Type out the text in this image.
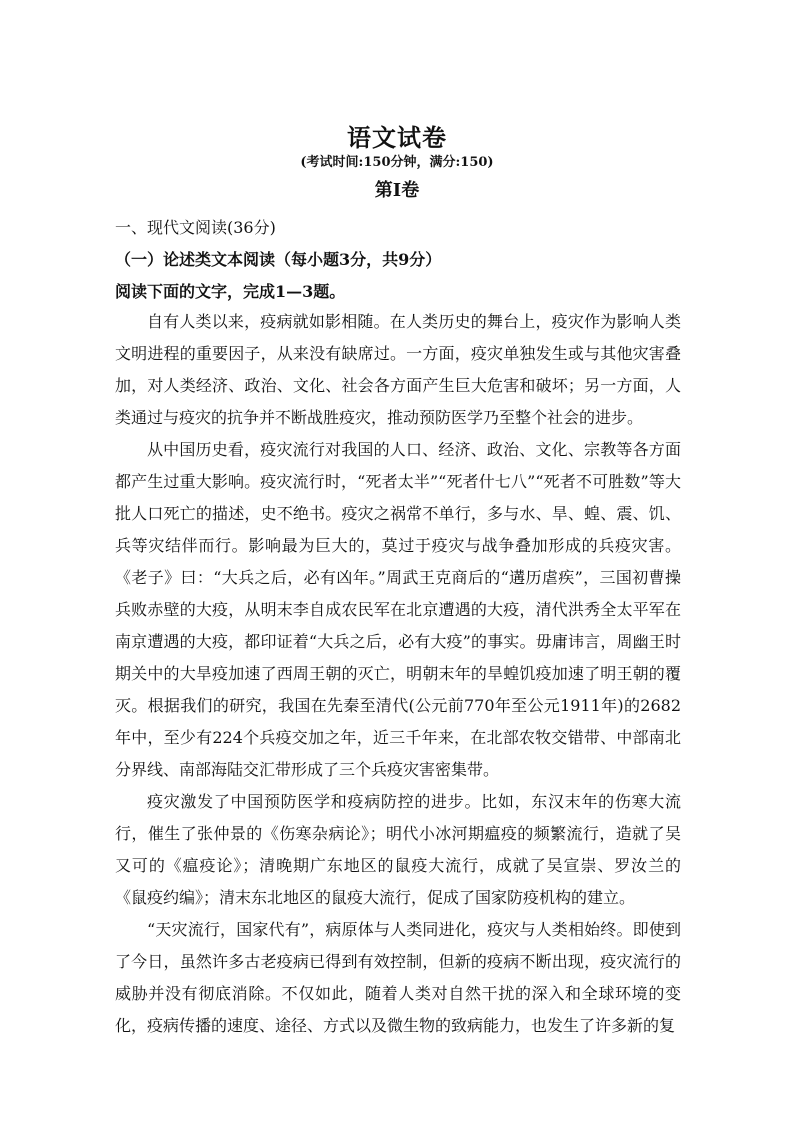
语文试卷
(考试时间:150分钟，满分:150)
第Ⅰ卷
一、现代文阅读(36分)
（一）论述类文本阅读（每小题3分，共9分）
阅读下面的文字，完成1—3题。

自有人类以来，疫病就如影相随。在人类历史的舞台上，疫灾作为影响人类文明进程的重要因子，从来没有缺席过。一方面，疫灾单独发生或与其他灾害叠加，对人类经济、政治、文化、社会各方面产生巨大危害和破坏；另一方面，人类通过与疫灾的抗争并不断战胜疫灾，推动预防医学乃至整个社会的进步。

从中国历史看，疫灾流行对我国的人口、经济、政治、文化、宗教等各方面都产生过重大影响。疫灾流行时，“死者太半”“死者什七八”“死者不可胜数”等大批人口死亡的描述，史不绝书。疫灾之祸常不单行，多与水、旱、蝗、震、饥、兵等灾结伴而行。影响最为巨大的，莫过于疫灾与战争叠加形成的兵疫灾害。《老子》曰：“大兵之后，必有凶年。”周武王克商后的“遘历虐疾”，三国初曹操兵败赤壁的大疫，从明末李自成农民军在北京遭遇的大疫，清代洪秀全太平军在南京遭遇的大疫，都印证着“大兵之后，必有大疫”的事实。毋庸讳言，周幽王时期关中的大旱疫加速了西周王朝的灭亡，明朝末年的旱蝗饥疫加速了明王朝的覆灭。根据我们的研究，我国在先秦至清代(公元前770年至公元1911年)的2682年中，至少有224个兵疫交加之年，近三千年来，在北部农牧交错带、中部南北分界线、南部海陆交汇带形成了三个兵疫灾害密集带。

疫灾激发了中国预防医学和疫病防控的进步。比如，东汉末年的伤寒大流行，催生了张仲景的《伤寒杂病论》；明代小冰河期瘟疫的频繁流行，造就了吴又可的《瘟疫论》；清晚期广东地区的鼠疫大流行，成就了吴宣崇、罗汝兰的《鼠疫约编》；清末东北地区的鼠疫大流行，促成了国家防疫机构的建立。

“天灾流行，国家代有”，病原体与人类同进化，疫灾与人类相始终。即使到了今日，虽然许多古老疫病已得到有效控制，但新的疫病不断出现，疫灾流行的威胁并没有彻底消除。不仅如此，随着人类对自然干扰的深入和全球环境的变化，疫病传播的速度、途径、方式以及微生物的致病能力，也发生了许多新的复
